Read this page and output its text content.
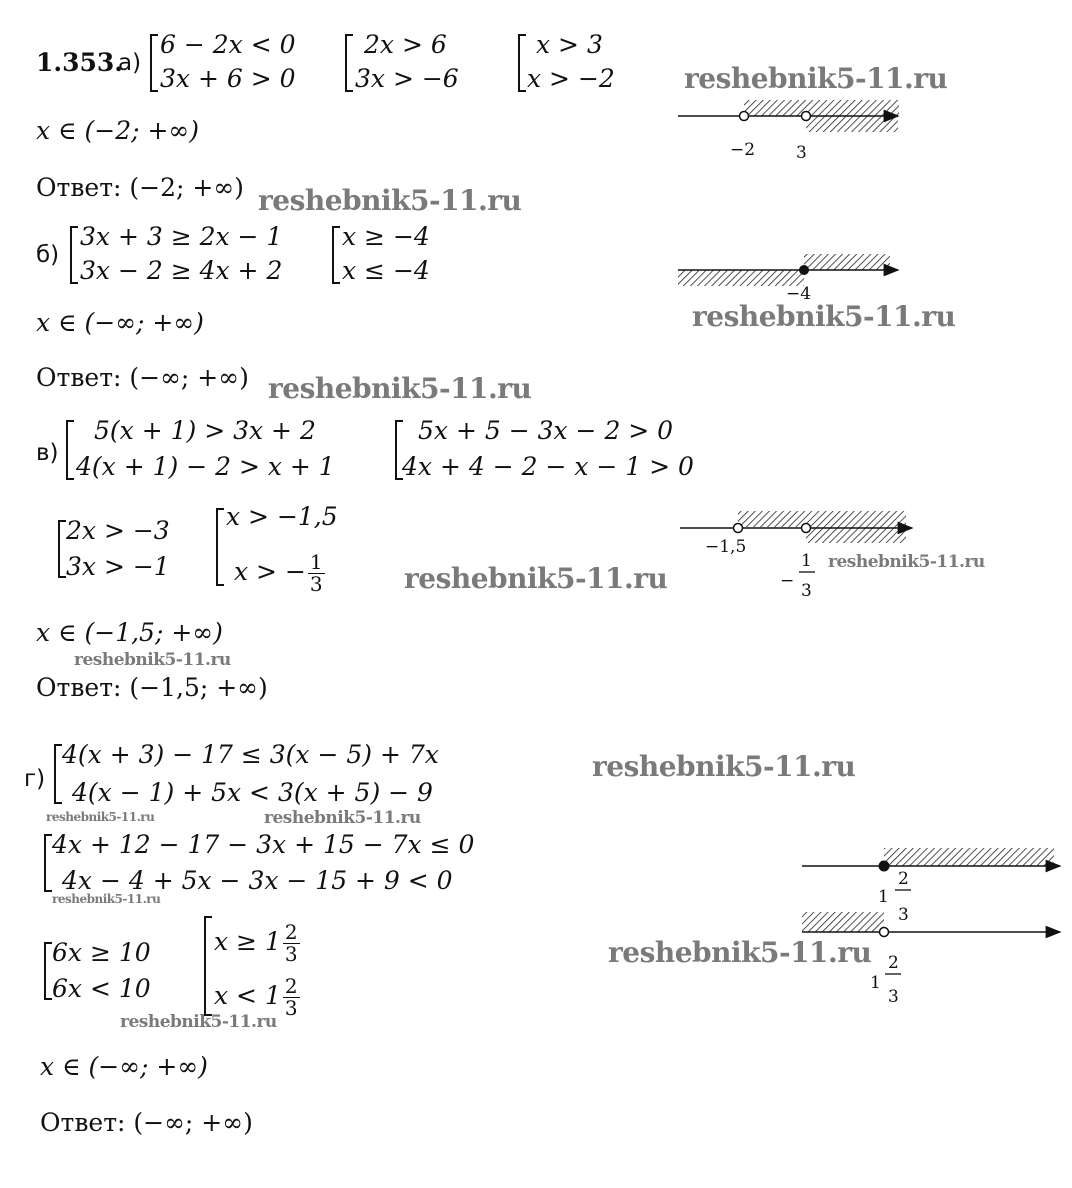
1.353.
а)
6 − 2x < 0
3x + 6 > 0
2x > 6
3x > −6
x > 3
x > −2 reshebnik5-11.ru
−2 3
−4
−1,5
−
1
3
1
2
3
1
2
3
x ∈ (−2; +∞)
Ответ: (−2; +∞) reshebnik5-11.ru
б)
3x + 3 ≥ 2x − 1
3x − 2 ≥ 4x + 2
x ≥ −4
x ≤ −4
x ∈ (−∞; +∞)	reshebnik5-11.ru
Ответ: (−∞; +∞) reshebnik5-11.ru
в)
5(x + 1) > 3x + 2
4(x + 1) − 2 > x + 1
5x + 5 − 3x − 2 > 0
4x + 4 − 2 − x − 1 > 0
2x > −3
3x > −1
x > −1,5
x > − $\frac{1}{3}$	reshebnik5-11.ru	reshebnik5-11.ru
x ∈ (−1,5; +∞)
reshebnik5-11.ru
Ответ: (−1,5; +∞)
г)
4(x + 3) − 17 ≤ 3(x − 5) + 7x
4(x − 1) + 5x < 3(x + 5) − 9
reshebnik5-11.ru
reshebnik5-11.ru	reshebnik5-11.ru
4x + 12 − 17 − 3x + 15 − 7x ≤ 0
4x − 4 + 5x − 3x − 15 + 9 < 0
reshebnik5-11.ru
6x ≥ 10
6x < 10
$x \ge 1 \frac{2}{3}$
$x < 1 \frac{2}{3}$
reshebnik5-11.ru
reshebnik5-11.ru
x ∈ (−∞; +∞)
Ответ: (−∞; +∞)
